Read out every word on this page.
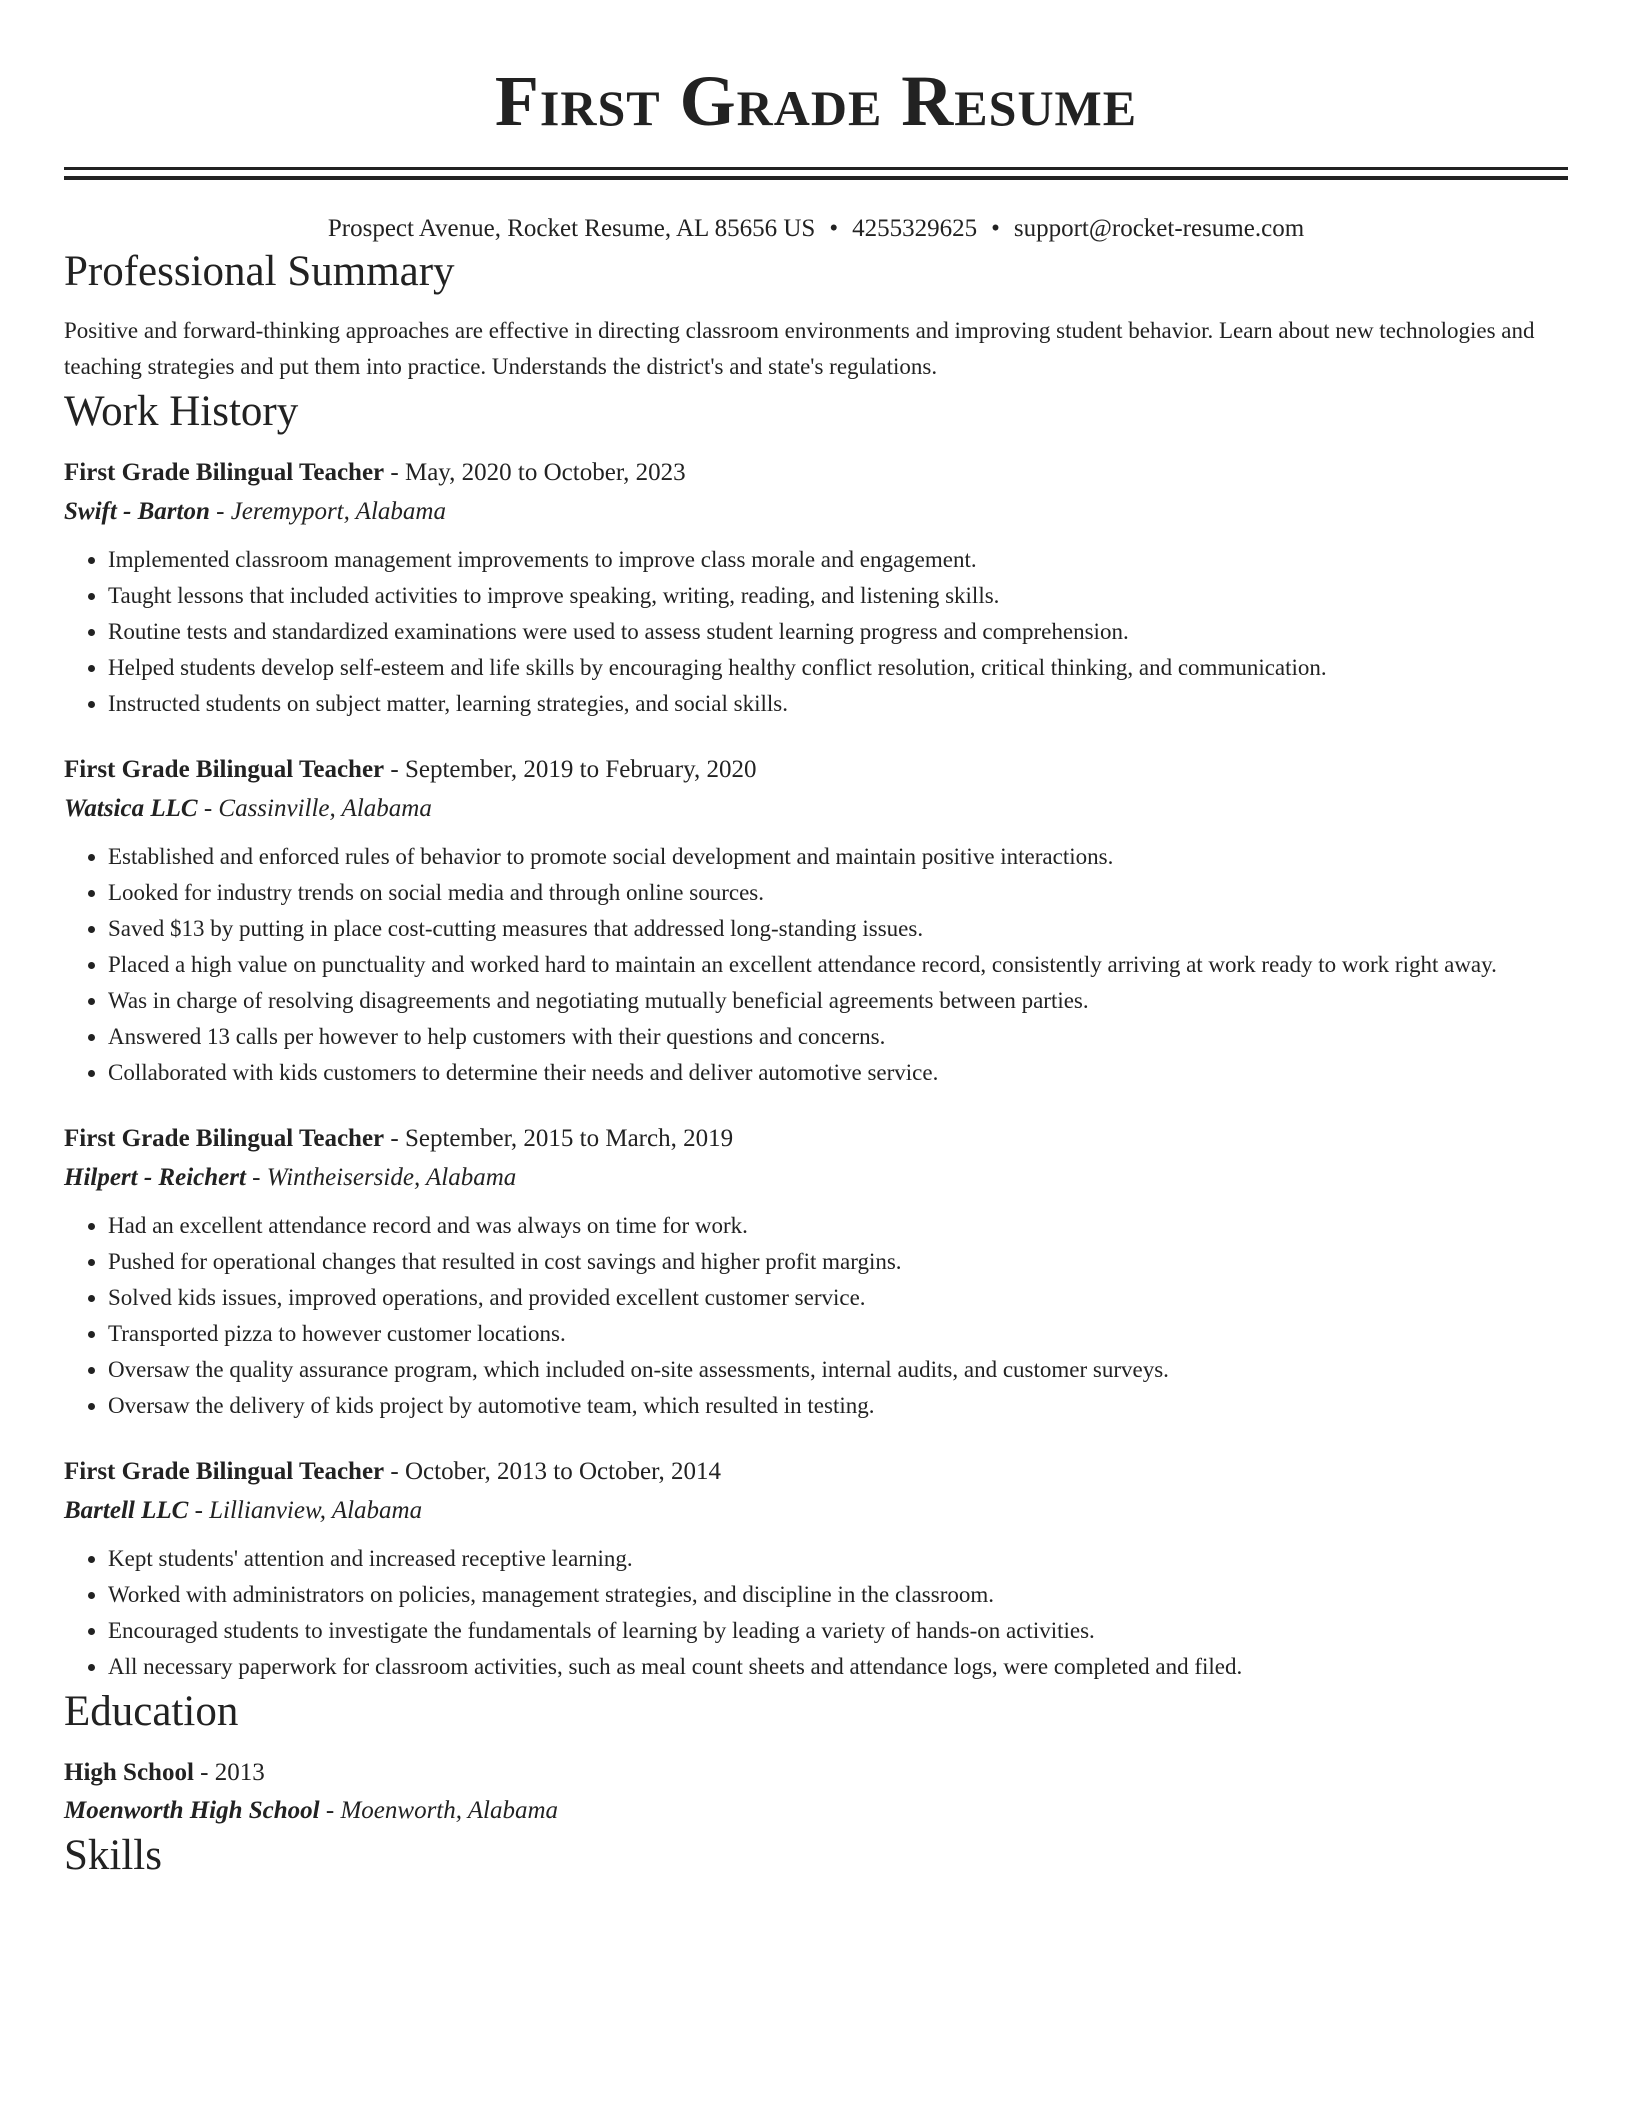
First Grade Resume
Prospect Avenue, Rocket Resume, AL 85656 US • 4255329625 • support@rocket-resume.com
Professional Summary
Positive and forward-thinking approaches are effective in directing classroom environments and improving student behavior. Learn about new technologies and teaching strategies and put them into practice. Understands the district's and state's regulations.
Work History
First Grade Bilingual Teacher - May, 2020 to October, 2023
Swift - Barton - Jeremyport, Alabama
• Implemented classroom management improvements to improve class morale and engagement.
• Taught lessons that included activities to improve speaking, writing, reading, and listening skills.
• Routine tests and standardized examinations were used to assess student learning progress and comprehension.
• Helped students develop self-esteem and life skills by encouraging healthy conflict resolution, critical thinking, and communication.
• Instructed students on subject matter, learning strategies, and social skills.
First Grade Bilingual Teacher - September, 2019 to February, 2020
Watsica LLC - Cassinville, Alabama
• Established and enforced rules of behavior to promote social development and maintain positive interactions.
• Looked for industry trends on social media and through online sources.
• Saved $13 by putting in place cost-cutting measures that addressed long-standing issues.
• Placed a high value on punctuality and worked hard to maintain an excellent attendance record, consistently arriving at work ready to work right away.
• Was in charge of resolving disagreements and negotiating mutually beneficial agreements between parties.
• Answered 13 calls per however to help customers with their questions and concerns.
• Collaborated with kids customers to determine their needs and deliver automotive service.
First Grade Bilingual Teacher - September, 2015 to March, 2019
Hilpert - Reichert - Wintheiserside, Alabama
• Had an excellent attendance record and was always on time for work.
• Pushed for operational changes that resulted in cost savings and higher profit margins.
• Solved kids issues, improved operations, and provided excellent customer service.
• Transported pizza to however customer locations.
• Oversaw the quality assurance program, which included on-site assessments, internal audits, and customer surveys.
• Oversaw the delivery of kids project by automotive team, which resulted in testing.
First Grade Bilingual Teacher - October, 2013 to October, 2014
Bartell LLC - Lillianview, Alabama
• Kept students' attention and increased receptive learning.
• Worked with administrators on policies, management strategies, and discipline in the classroom.
• Encouraged students to investigate the fundamentals of learning by leading a variety of hands-on activities.
• All necessary paperwork for classroom activities, such as meal count sheets and attendance logs, were completed and filed.
Education
High School - 2013
Moenworth High School - Moenworth, Alabama
Skills
